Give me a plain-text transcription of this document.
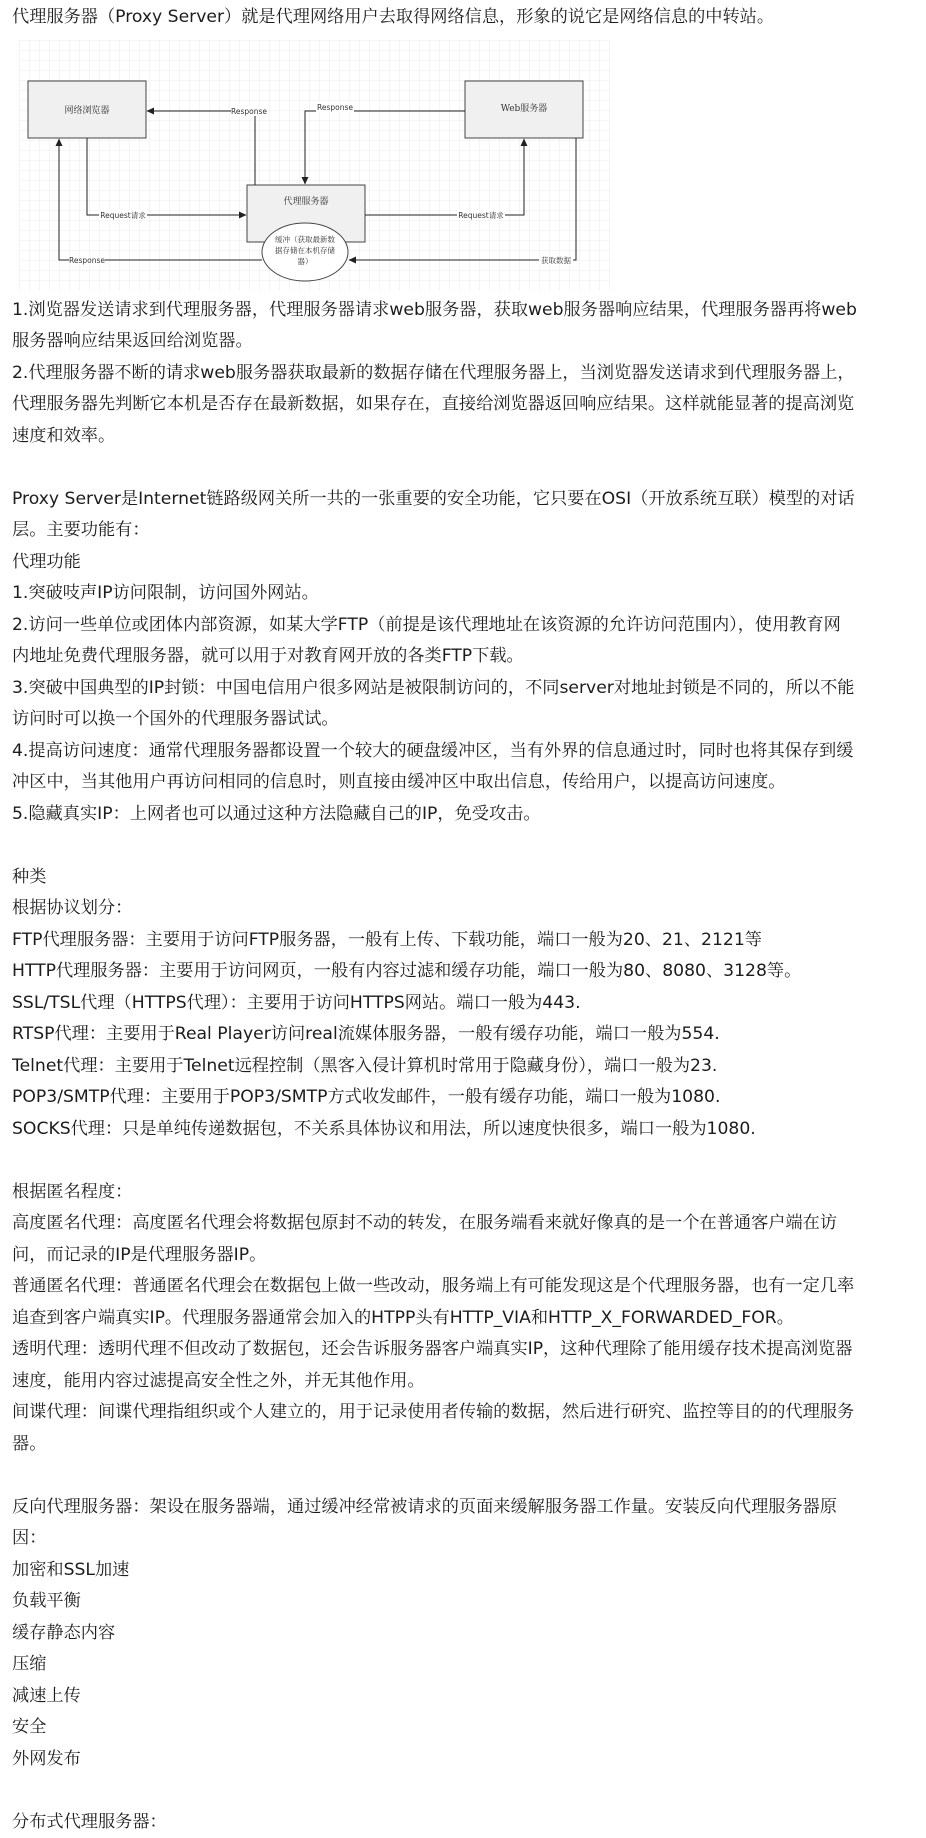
代理服务器（Proxy Server）就是代理网络用户去取得网络信息，形象的说它是网络信息的中转站。

网络浏览器	Web服务器
代理服务器
缓冲（获取最新数
据存储在本机存储
器）
Response	Response
Request请求	Request请求
Response	获取数据

1.浏览器发送请求到代理服务器，代理服务器请求web服务器，获取web服务器响应结果，代理服务器再将web

服务器响应结果返回给浏览器。

2.代理服务器不断的请求web服务器获取最新的数据存储在代理服务器上，当浏览器发送请求到代理服务器上，

代理服务器先判断它本机是否存在最新数据，如果存在，直接给浏览器返回响应结果。这样就能显著的提高浏览

速度和效率。

Proxy Server是Internet链路级网关所一共的一张重要的安全功能，它只要在OSI（开放系统互联）模型的对话

层。主要功能有：

代理功能

1.突破吱声IP访问限制，访问国外网站。

2.访问一些单位或团体内部资源，如某大学FTP（前提是该代理地址在该资源的允许访问范围内），使用教育网

内地址免费代理服务器，就可以用于对教育网开放的各类FTP下载。

3.突破中国典型的IP封锁：中国电信用户很多网站是被限制访问的，不同server对地址封锁是不同的，所以不能

访问时可以换一个国外的代理服务器试试。

4.提高访问速度：通常代理服务器都设置一个较大的硬盘缓冲区，当有外界的信息通过时，同时也将其保存到缓

冲区中，当其他用户再访问相同的信息时，则直接由缓冲区中取出信息，传给用户，以提高访问速度。

5.隐藏真实IP：上网者也可以通过这种方法隐藏自己的IP，免受攻击。

种类

根据协议划分：

FTP代理服务器：主要用于访问FTP服务器，一般有上传、下载功能，端口一般为20、21、2121等

HTTP代理服务器：主要用于访问网页，一般有内容过滤和缓存功能，端口一般为80、8080、3128等。

SSL/TSL代理（HTTPS代理）：主要用于访问HTTPS网站。端口一般为443.

RTSP代理：主要用于Real Player访问real流媒体服务器，一般有缓存功能，端口一般为554.

Telnet代理：主要用于Telnet远程控制（黑客入侵计算机时常用于隐藏身份），端口一般为23.

POP3/SMTP代理：主要用于POP3/SMTP方式收发邮件，一般有缓存功能，端口一般为1080.

SOCKS代理：只是单纯传递数据包，不关系具体协议和用法，所以速度快很多，端口一般为1080.

根据匿名程度：

高度匿名代理：高度匿名代理会将数据包原封不动的转发，在服务端看来就好像真的是一个在普通客户端在访

问，而记录的IP是代理服务器IP。

普通匿名代理：普通匿名代理会在数据包上做一些改动，服务端上有可能发现这是个代理服务器，也有一定几率

追查到客户端真实IP。代理服务器通常会加入的HTPP头有HTTP_VIA和HTTP_X_FORWARDED_FOR。

透明代理：透明代理不但改动了数据包，还会告诉服务器客户端真实IP，这种代理除了能用缓存技术提高浏览器

速度，能用内容过滤提高安全性之外，并无其他作用。

间谍代理：间谍代理指组织或个人建立的，用于记录使用者传输的数据，然后进行研究、监控等目的的代理服务

器。

反向代理服务器：架设在服务器端，通过缓冲经常被请求的页面来缓解服务器工作量。安装反向代理服务器原

因：

加密和SSL加速

负载平衡

缓存静态内容

压缩

减速上传

安全

外网发布

分布式代理服务器：
